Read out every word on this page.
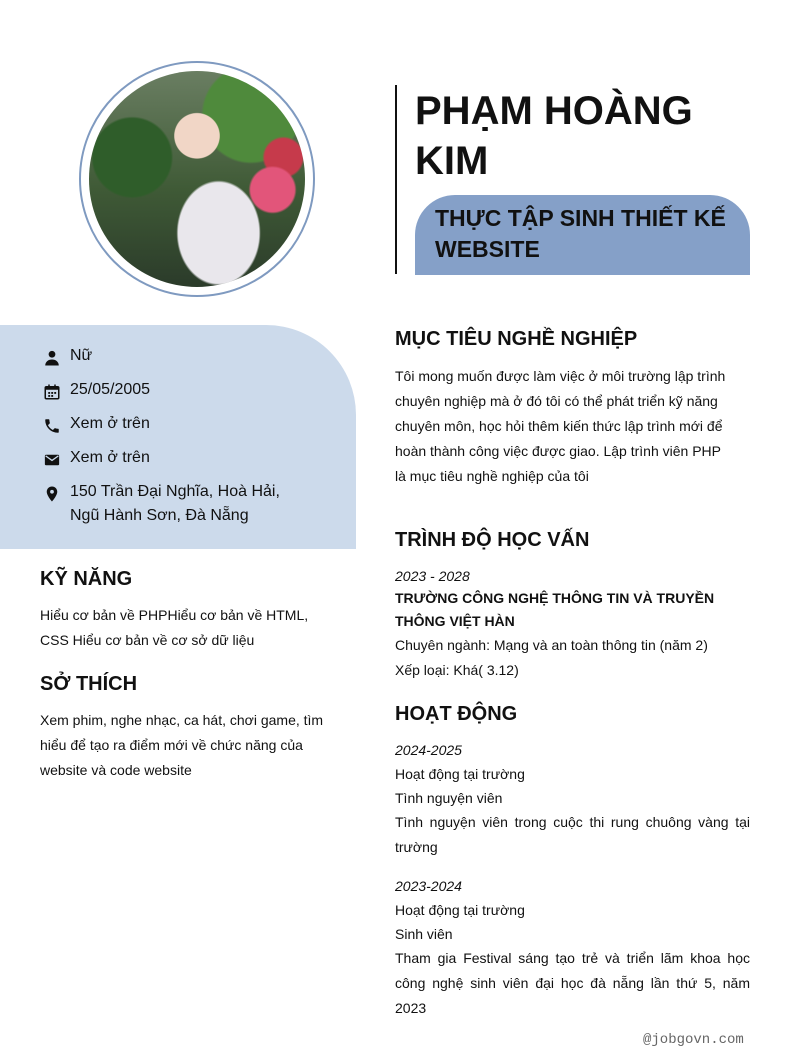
PHẠM HOÀNG KIM
THỰC TẬP SINH THIẾT KẾ WEBSITE
Nữ
25/05/2005
Xem ở trên
Xem ở trên
150 Trần Đại Nghĩa, Hoà Hải,
Ngũ Hành Sơn, Đà Nẵng
KỸ NĂNG
Hiểu cơ bản về PHPHiểu cơ bản về HTML,
CSS Hiểu cơ bản về cơ sở dữ liệu
SỞ THÍCH
Xem phim, nghe nhạc, ca hát, chơi game, tìm hiểu để tạo ra điểm mới về chức năng của website và code website
MỤC TIÊU NGHỀ NGHIỆP
Tôi mong muốn được làm việc ở môi trường lập trình chuyên nghiệp mà ở đó tôi có thể phát triển kỹ năng chuyên môn, học hỏi thêm kiến thức lập trình mới để hoàn thành công việc được giao. Lập trình viên PHP là mục tiêu nghề nghiệp của tôi
TRÌNH ĐỘ HỌC VẤN
2023 - 2028
TRƯỜNG CÔNG NGHỆ THÔNG TIN VÀ TRUYỀN THÔNG VIỆT HÀN
Chuyên ngành: Mạng và an toàn thông tin (năm 2)
Xếp loại: Khá( 3.12)
HOẠT ĐỘNG
2024-2025
Hoạt động tại trường
Tình nguyện viên
Tình nguyện viên trong cuộc thi rung chuông vàng tại trường
2023-2024
Hoạt động tại trường
Sinh viên
Tham gia Festival sáng tạo trẻ và triển lãm khoa học công nghệ sinh viên đại học đà nẵng lần thứ 5, năm 2023
@jobgovn.com
